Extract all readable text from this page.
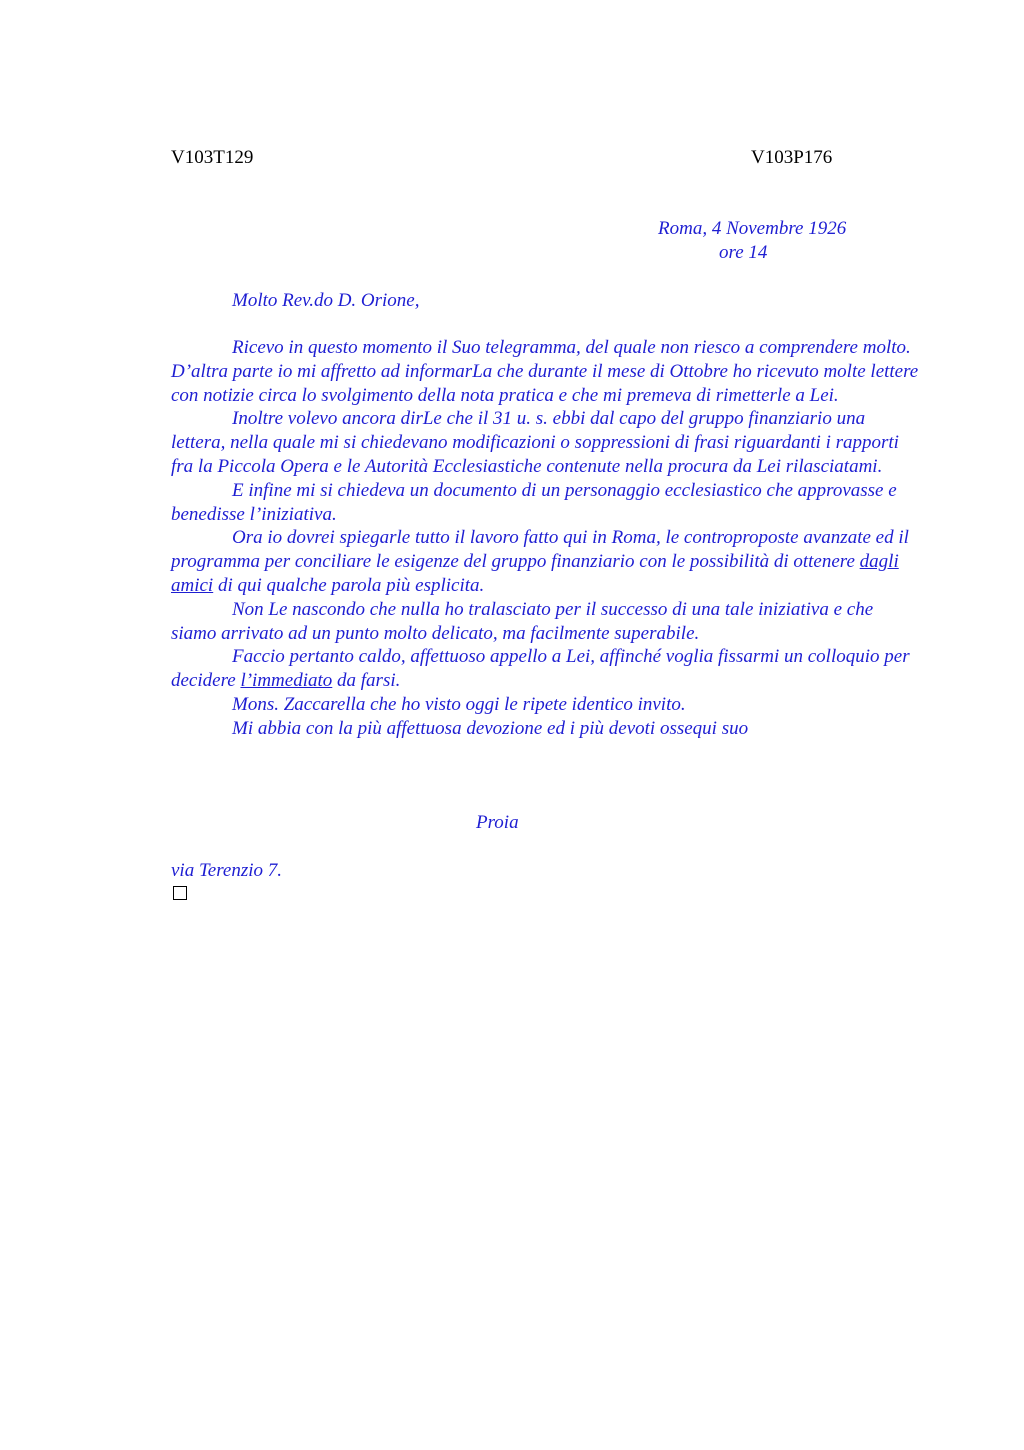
V103T129	V103P176
Roma, 4 Novembre 1926
ore 14
Molto Rev.do D. Orione,

Ricevo in questo momento il Suo telegramma, del quale non riesco a comprendere molto. D’altra parte io mi affretto ad informarLa che durante il mese di Ottobre ho ricevuto molte lettere con notizie circa lo svolgimento della nota pratica e che mi premeva di rimetterle a Lei.

Inoltre volevo ancora dirLe che il 31 u. s. ebbi dal capo del gruppo finanziario una lettera, nella quale mi si chiedevano modificazioni o soppressioni di frasi riguardanti i rapporti fra la Piccola Opera e le Autorità Ecclesiastiche contenute nella procura da Lei rilasciatami.

E infine mi si chiedeva un documento di un personaggio ecclesiastico che approvasse e benedisse l’iniziativa.

Ora io dovrei spiegarle tutto il lavoro fatto qui in Roma, le controproposte avanzate ed il programma per conciliare le esigenze del gruppo finanziario con le possibilità di ottenere dagli amici di qui qualche parola più esplicita.

Non Le nascondo che nulla ho tralasciato per il successo di una tale iniziativa e che siamo arrivato ad un punto molto delicato, ma facilmente superabile.

Faccio pertanto caldo, affettuoso appello a Lei, affinché voglia fissarmi un colloquio per decidere l’immediato da farsi.

Mons. Zaccarella che ho visto oggi le ripete identico invito.

Mi abbia con la più affettuosa devozione ed i più devoti ossequi suo

Proia
via Terenzio 7.
